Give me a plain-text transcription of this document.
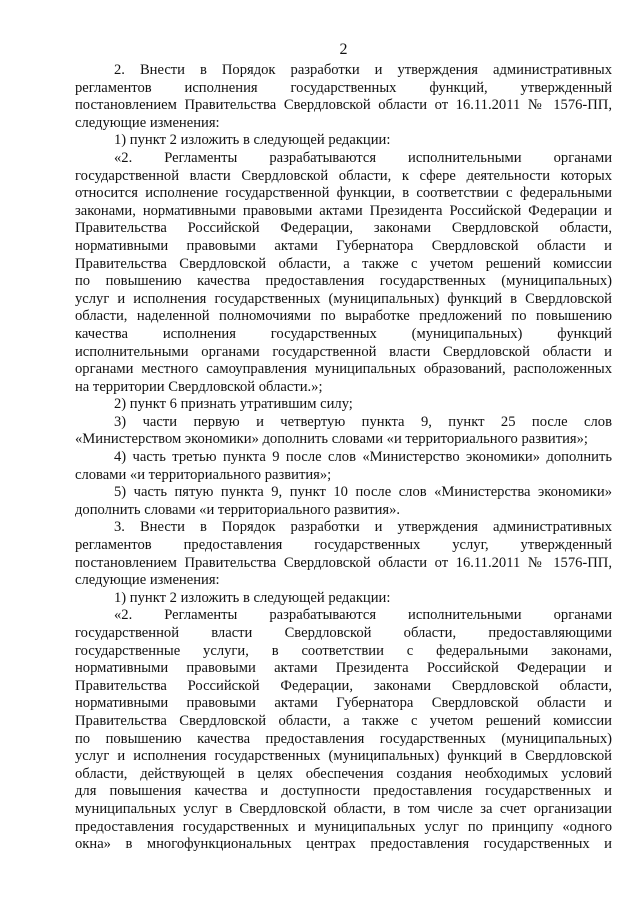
2

2. Внести в Порядок разработки и утверждения административных
регламентов исполнения государственных функций, утвержденный
постановлением Правительства Свердловской области от 16.11.2011 № 1576-ПП,
следующие изменения:

1) пункт 2 изложить в следующей редакции:

«2. Регламенты разрабатываются исполнительными органами
государственной власти Свердловской области, к сфере деятельности которых
относится исполнение государственной функции, в соответствии с федеральными
законами, нормативными правовыми актами Президента Российской Федерации и
Правительства Российской Федерации, законами Свердловской области,
нормативными правовыми актами Губернатора Свердловской области и
Правительства Свердловской области, а также с учетом решений комиссии
по повышению качества предоставления государственных (муниципальных)
услуг и исполнения государственных (муниципальных) функций в Свердловской
области, наделенной полномочиями по выработке предложений по повышению
качества исполнения государственных (муниципальных) функций
исполнительными органами государственной власти Свердловской области и
органами местного самоуправления муниципальных образований, расположенных
на территории Свердловской области.»;

2) пункт 6 признать утратившим силу;

3) части первую и четвертую пункта 9, пункт 25 после слов
«Министерством экономики» дополнить словами «и территориального развития»;

4) часть третью пункта 9 после слов «Министерство экономики» дополнить
словами «и территориального развития»;

5) часть пятую пункта 9, пункт 10 после слов «Министерства экономики»
дополнить словами «и территориального развития».

3. Внести в Порядок разработки и утверждения административных
регламентов предоставления государственных услуг, утвержденный
постановлением Правительства Свердловской области от 16.11.2011 № 1576-ПП,
следующие изменения:

1) пункт 2 изложить в следующей редакции:

«2. Регламенты разрабатываются исполнительными органами
государственной власти Свердловской области, предоставляющими
государственные услуги, в соответствии с федеральными законами,
нормативными правовыми актами Президента Российской Федерации и
Правительства Российской Федерации, законами Свердловской области,
нормативными правовыми актами Губернатора Свердловской области и
Правительства Свердловской области, а также с учетом решений комиссии
по повышению качества предоставления государственных (муниципальных)
услуг и исполнения государственных (муниципальных) функций в Свердловской
области, действующей в целях обеспечения создания необходимых условий
для повышения качества и доступности предоставления государственных и
муниципальных услуг в Свердловской области, в том числе за счет организации
предоставления государственных и муниципальных услуг по принципу «одного
окна» в многофункциональных центрах предоставления государственных и
